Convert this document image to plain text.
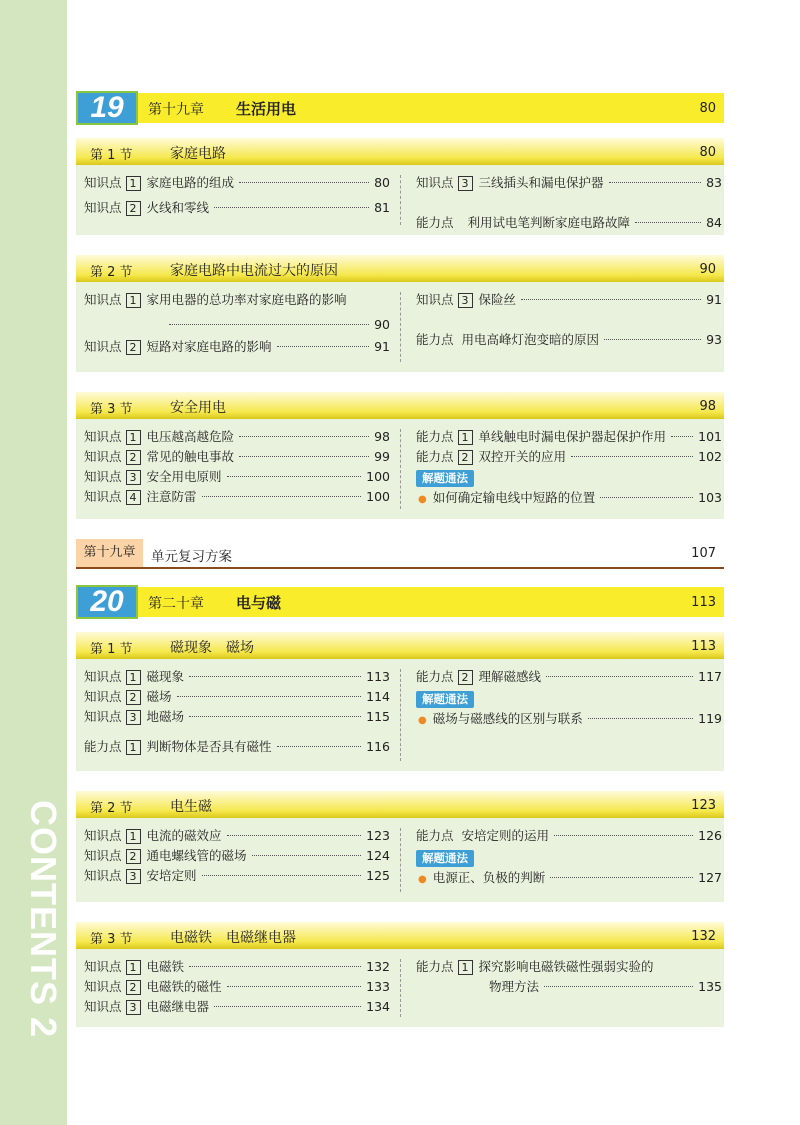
CONTENTS 2
19	第十九章 生活用电	80
第 1 节	家庭电路	80
知识点 1 家庭电路的组成	80
知识点 2 火线和零线	81
知识点 3 三线插头和漏电保护器	83
能力点 利用试电笔判断家庭电路故障	84
第 2 节	家庭电路中电流过大的原因	90
知识点 1 家用电器的总功率对家庭电路的影响
90
知识点 2 短路对家庭电路的影响	91
知识点 3 保险丝	91
能力点 用电高峰灯泡变暗的原因	93
第 3 节	安全用电	98
知识点 1 电压越高越危险	98
知识点 2 常见的触电事故	99
知识点 3 安全用电原则	100
知识点 4 注意防雷	100
能力点 1 单线触电时漏电保护器起保护作用	101
能力点 2 双控开关的应用	102
解题通法
● 如何确定输电线中短路的位置	103
第十九章	单元复习方案	107
20	第二十章 电与磁	113
第 1 节	磁现象　磁场	113
知识点 1 磁现象	113
知识点 2 磁场	114
知识点 3 地磁场	115
能力点 1 判断物体是否具有磁性	116
能力点 2 理解磁感线	117
解题通法
● 磁场与磁感线的区别与联系	119
第 2 节	电生磁	123
知识点 1 电流的磁效应	123
知识点 2 通电螺线管的磁场	124
知识点 3 安培定则	125
能力点 安培定则的运用	126
解题通法
● 电源正、负极的判断	127
第 3 节	电磁铁　电磁继电器	132
知识点 1 电磁铁	132
知识点 2 电磁铁的磁性	133
知识点 3 电磁继电器	134
能力点 1 探究影响电磁铁磁性强弱实验的
物理方法	135
